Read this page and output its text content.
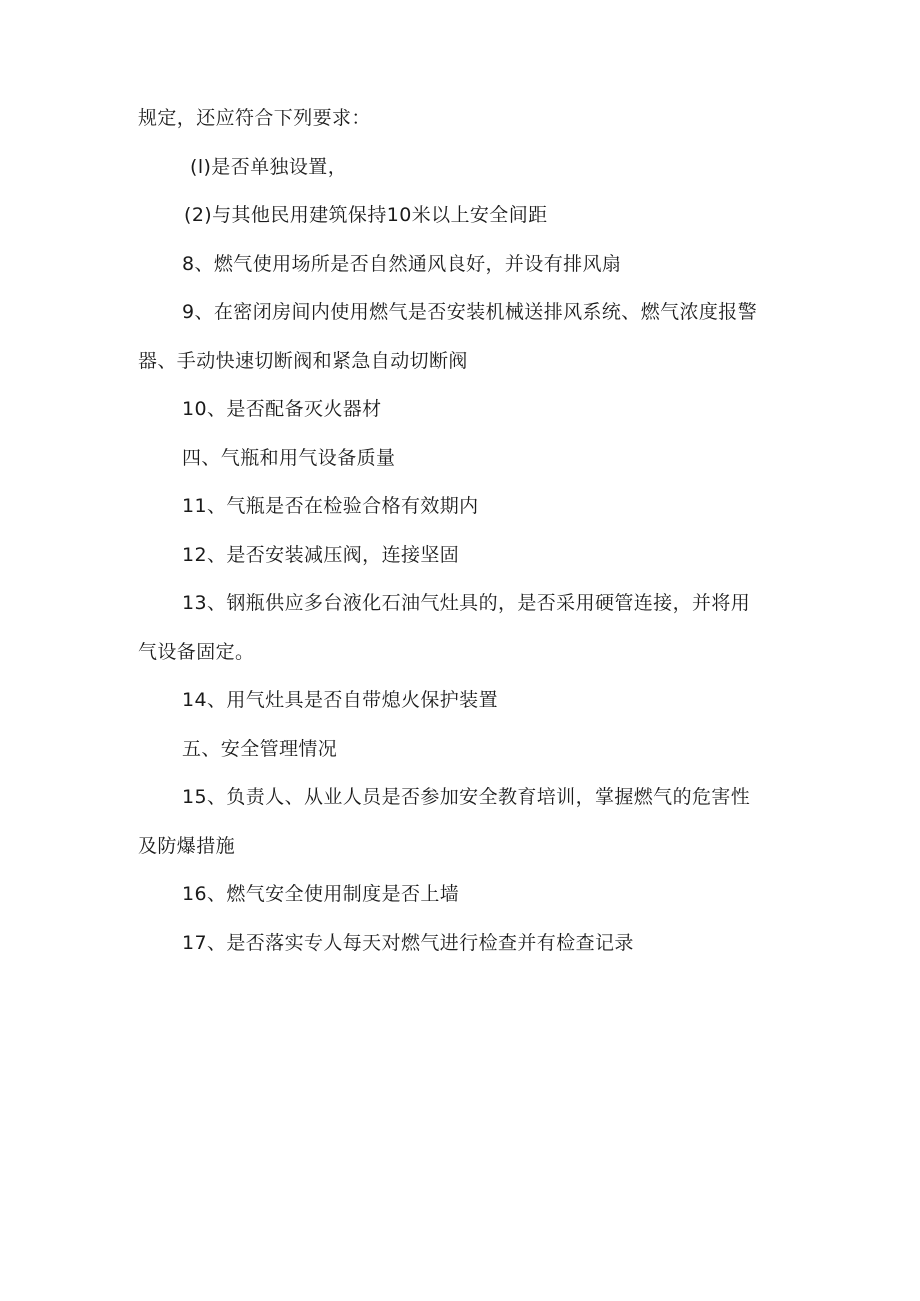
规定，还应符合下列要求：
(l)是否单独设置，
(2)与其他民用建筑保持10米以上安全间距
8、燃气使用场所是否自然通风良好，并设有排风扇
9、在密闭房间内使用燃气是否安装机械送排风系统、燃气浓度报警
器、手动快速切断阀和紧急自动切断阀
10、是否配备灭火器材
四、气瓶和用气设备质量
11、气瓶是否在检验合格有效期内
12、是否安装减压阀，连接坚固
13、钢瓶供应多台液化石油气灶具的，是否采用硬管连接，并将用
气设备固定。
14、用气灶具是否自带熄火保护装置
五、安全管理情况
15、负责人、从业人员是否参加安全教育培训，掌握燃气的危害性
及防爆措施
16、燃气安全使用制度是否上墙
17、是否落实专人每天对燃气进行检查并有检查记录
